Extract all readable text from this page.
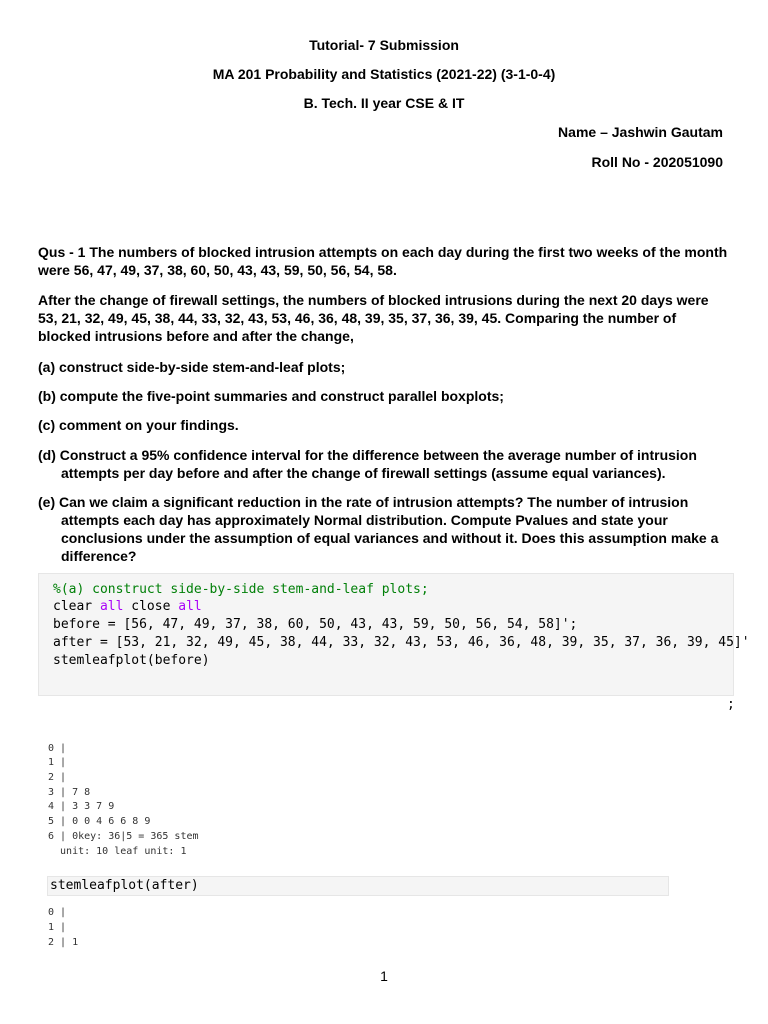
Tutorial- 7 Submission
MA 201 Probability and Statistics (2021-22) (3-1-0-4)
B. Tech. II year CSE & IT
Name – Jashwin Gautam
Roll No - 202051090
Qus - 1 The numbers of blocked intrusion attempts on each day during the first two weeks of the month were 56, 47, 49, 37, 38, 60, 50, 43, 43, 59, 50, 56, 54, 58.
After the change of firewall settings, the numbers of blocked intrusions during the next 20 days were 53, 21, 32, 49, 45, 38, 44, 33, 32, 43, 53, 46, 36, 48, 39, 35, 37, 36, 39, 45. Comparing the number of blocked intrusions before and after the change,
(a) construct side-by-side stem-and-leaf plots;
(b) compute the five-point summaries and construct parallel boxplots;
(c) comment on your findings.
(d) Construct a 95% confidence interval for the difference between the average number of intrusion attempts per day before and after the change of firewall settings (assume equal variances).
(e) Can we claim a significant reduction in the rate of intrusion attempts? The number of intrusion attempts each day has approximately Normal distribution. Compute Pvalues and state your conclusions under the assumption of equal variances and without it. Does this assumption make a difference?
%(a) construct side-by-side stem-and-leaf plots;
clear all close all
before = [56, 47, 49, 37, 38, 60, 50, 43, 43, 59, 50, 56, 54, 58]';
after = [53, 21, 32, 49, 45, 38, 44, 33, 32, 43, 53, 46, 36, 48, 39, 35, 37, 36, 39, 45]'
stemleafplot(before)
;
0 |
1 |
2 |
3 | 7 8
4 | 3 3 7 9
5 | 0 0 4 6 6 8 9
6 | 0key: 36|5 = 365 stem
unit: 10 leaf unit: 1
stemleafplot(after)
0 |
1 |
2 | 1
1
